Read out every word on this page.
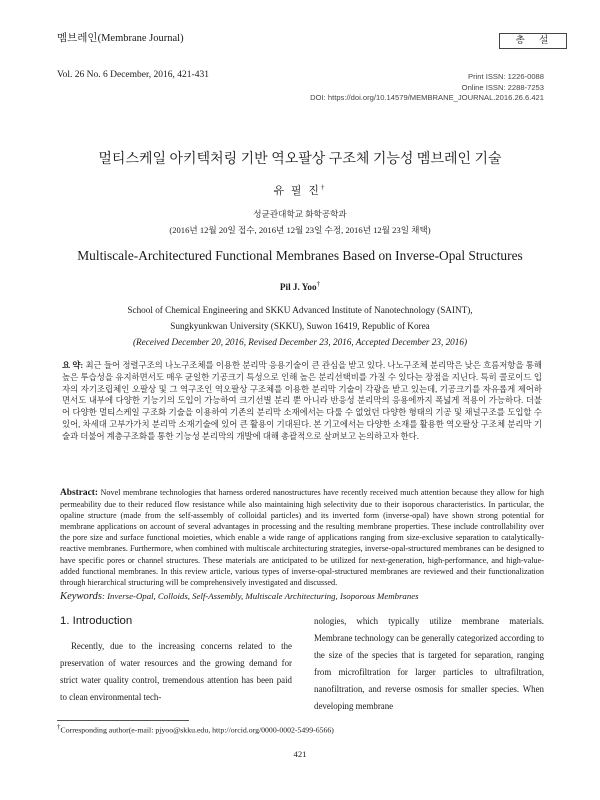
멤브레인(Membrane Journal)
Vol. 26 No. 6 December, 2016, 421-431
총 설
Print ISSN: 1226-0088
Online ISSN: 2288-7253
DOI: https://doi.org/10.14579/MEMBRANE_JOURNAL.2016.26.6.421
멀티스케일 아키텍처링 기반 역오팔상 구조체 기능성 멤브레인 기술
유 필 진†
성균관대학교 화학공학과
(2016년 12월 20일 접수, 2016년 12월 23일 수정, 2016년 12월 23일 채택)
Multiscale-Architectured Functional Membranes Based on Inverse-Opal Structures
Pil J. Yoo†
School of Chemical Engineering and SKKU Advanced Institute of Nanotechnology (SAINT),
Sungkyunkwan University (SKKU), Suwon 16419, Republic of Korea
(Received December 20, 2016, Revised December 23, 2016, Accepted December 23, 2016)
요 약: 최근 들어 정렬구조의 나노구조체를 이용한 분리막 응용기술이 큰 관심을 받고 있다. 나노구조체 분리막은 낮은 흐름저항을 통해 높은 투습성을 유지하면서도 매우 균일한 기공크기 특성으로 인해 높은 분리선택비를 가질 수 있다는 장점을 지닌다. 특히 콜로이드 입자의 자기조립체인 오팔상 및 그 역구조인 역오팔상 구조체를 이용한 분리막 기술이 각광을 받고 있는데, 기공크기를 자유롭게 제어하면서도 내부에 다양한 기능기의 도입이 가능하여 크기선별 분리 뿐 아니라 반응성 분리막의 응용에까지 폭넓게 적용이 가능하다. 더불어 다양한 멀티스케일 구조화 기술을 이용하여 기존의 분리막 소재에서는 다룰 수 없었던 다양한 형태의 기공 및 채널구조를 도입할 수 있어, 차세대 고부가가치 분리막 소재기술에 있어 큰 활용이 기대된다. 본 기고에서는 다양한 소재를 활용한 역오팔상 구조체 분리막 기술과 더불어 계층구조화를 통한 기능성 분리막의 개발에 대해 총괄적으로 살펴보고 논의하고자 한다.
Abstract: Novel membrane technologies that harness ordered nanostructures have recently received much attention because they allow for high permeability due to their reduced flow resistance while also maintaining high selectivity due to their isoporous characteristics. In particular, the opaline structure (made from the self-assembly of colloidal particles) and its inverted form (inverse-opal) have shown strong potential for membrane applications on account of several advantages in processing and the resulting membrane properties. These include controllability over the pore size and surface functional moieties, which enable a wide range of applications ranging from size-exclusive separation to catalytically-reactive membranes. Furthermore, when combined with multiscale architecturing strategies, inverse-opal-structured membranes can be designed to have specific pores or channel structures. These materials are anticipated to be utilized for next-generation, high-performance, and high-value-added functional membranes. In this review article, various types of inverse-opal-structured membranes are reviewed and their functionalization through hierarchical structuring will be comprehensively investigated and discussed.
Keywords: Inverse-Opal, Colloids, Self-Assembly, Multiscale Architecturing, Isoporous Membranes
1. Introduction

Recently, due to the increasing concerns related to the preservation of water resources and the growing demand for strict water quality control, tremendous attention has been paid to clean environmental tech-

nologies, which typically utilize membrane materials. Membrane technology can be generally categorized according to the size of the species that is targeted for separation, ranging from microfiltration for larger particles to ultrafiltration, nanofiltration, and reverse osmosis for smaller species. When developing membrane

†Corresponding author(e-mail: pjyoo@skku.edu, http://orcid.org/0000-0002-5499-6566)
421
